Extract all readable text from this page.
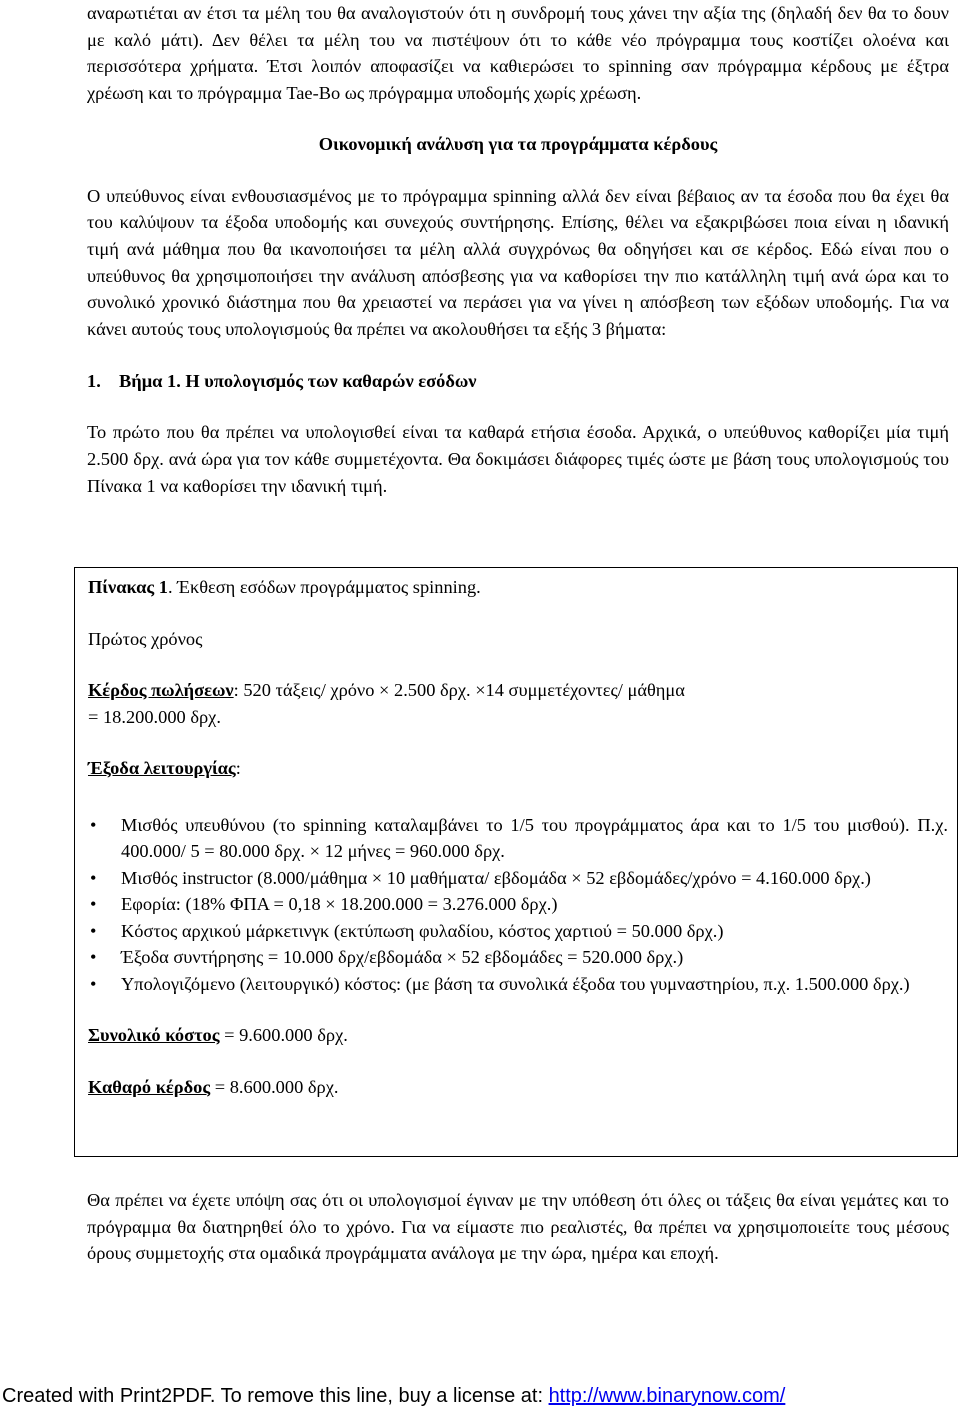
αναρωτιέται αν έτσι τα μέλη του θα αναλογιστούν ότι η συνδρομή τους χάνει την αξία της (δηλαδή δεν θα το δουν με καλό μάτι). Δεν θέλει τα μέλη του να πιστέψουν ότι το κάθε νέο πρόγραμμα τους κοστίζει ολοένα και περισσότερα χρήματα. Έτσι λοιπόν αποφασίζει να καθιερώσει το spinning σαν πρόγραμμα κέρδους με έξτρα χρέωση και το πρόγραμμα Tae-Bo ως πρόγραμμα υποδομής χωρίς χρέωση.

Οικονομική ανάλυση για τα προγράμματα κέρδους

Ο υπεύθυνος είναι ενθουσιασμένος με το πρόγραμμα spinning αλλά δεν είναι βέβαιος αν τα έσοδα που θα έχει θα του καλύψουν τα έξοδα υποδομής και συνεχούς συντήρησης. Επίσης, θέλει να εξακριβώσει ποια είναι η ιδανική τιμή ανά μάθημα που θα ικανοποιήσει τα μέλη αλλά συγχρόνως θα οδηγήσει και σε κέρδος. Εδώ είναι που ο υπεύθυνος θα χρησιμοποιήσει την ανάλυση απόσβεσης για να καθορίσει την πιο κατάλληλη τιμή ανά ώρα και το συνολικό χρονικό διάστημα που θα χρειαστεί να περάσει για να γίνει η απόσβεση των εξόδων υποδομής. Για να κάνει αυτούς τους υπολογισμούς θα πρέπει να ακολουθήσει τα εξής 3 βήματα:

1. Βήμα 1. Η υπολογισμός των καθαρών εσόδων

Το πρώτο που θα πρέπει να υπολογισθεί είναι τα καθαρά ετήσια έσοδα. Αρχικά, ο υπεύθυνος καθορίζει μία τιμή 2.500 δρχ. ανά ώρα για τον κάθε συμμετέχοντα. Θα δοκιμάσει διάφορες τιμές ώστε με βάση τους υπολογισμούς του Πίνακα 1 να καθορίσει την ιδανική τιμή.

Πίνακας 1. Έκθεση εσόδων προγράμματος spinning.

Πρώτος χρόνος

Κέρδος πωλήσεων: 520 τάξεις/ χρόνο × 2.500 δρχ. ×14 συμμετέχοντες/ μάθημα

= 18.200.000 δρχ.

Έξοδα λειτουργίας:

• Μισθός υπευθύνου (το spinning καταλαμβάνει το 1/5 του προγράμματος άρα και το 1/5 του μισθού). Π.χ. 400.000/ 5 = 80.000 δρχ. × 12 μήνες = 960.000 δρχ.
• Μισθός instructor (8.000/μάθημα × 10 μαθήματα/ εβδομάδα × 52 εβδομάδες/χρόνο = 4.160.000 δρχ.)
• Εφορία: (18% ΦΠΑ = 0,18 × 18.200.000 = 3.276.000 δρχ.)
• Κόστος αρχικού μάρκετινγκ (εκτύπωση φυλαδίου, κόστος χαρτιού = 50.000 δρχ.)
• Έξοδα συντήρησης = 10.000 δρχ/εβδομάδα × 52 εβδομάδες = 520.000 δρχ.)
• Υπολογιζόμενο (λειτουργικό) κόστος: (με βάση τα συνολικά έξοδα του γυμναστηρίου, π.χ. 1.500.000 δρχ.)

Συνολικό κόστος = 9.600.000 δρχ.

Καθαρό κέρδος = 8.600.000 δρχ.

Θα πρέπει να έχετε υπόψη σας ότι οι υπολογισμοί έγιναν με την υπόθεση ότι όλες οι τάξεις θα είναι γεμάτες και το πρόγραμμα θα διατηρηθεί όλο το χρόνο. Για να είμαστε πιο ρεαλιστές, θα πρέπει να χρησιμοποιείτε τους μέσους όρους συμμετοχής στα ομαδικά προγράμματα ανάλογα με την ώρα, ημέρα και εποχή.

Created with Print2PDF. To remove this line, buy a license at: http://www.binarynow.com/
